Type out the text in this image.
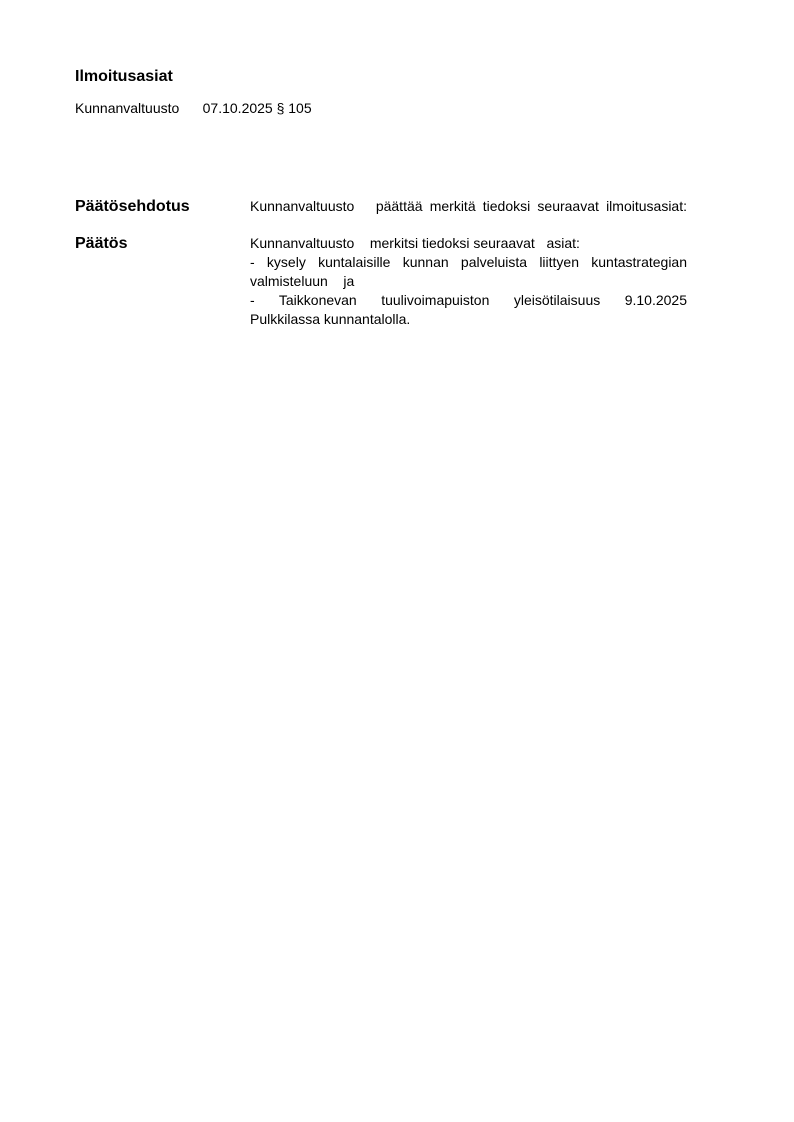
Ilmoitusasiat
Kunnanvaltuusto      07.10.2025 § 105
Päätösehdotus	Kunnanvaltuusto   päättää merkitä tiedoksi seuraavat ilmoitusasiat:
Päätös	Kunnanvaltuusto    merkitsi tiedoksi seuraavat   asiat:
- kysely kuntalaisille kunnan palveluista liittyen kuntastrategian
valmisteluun    ja
- Taikkonevan tuulivoimapuiston yleisötilaisuus 9.10.2025
Pulkkilassa kunnantalolla.
